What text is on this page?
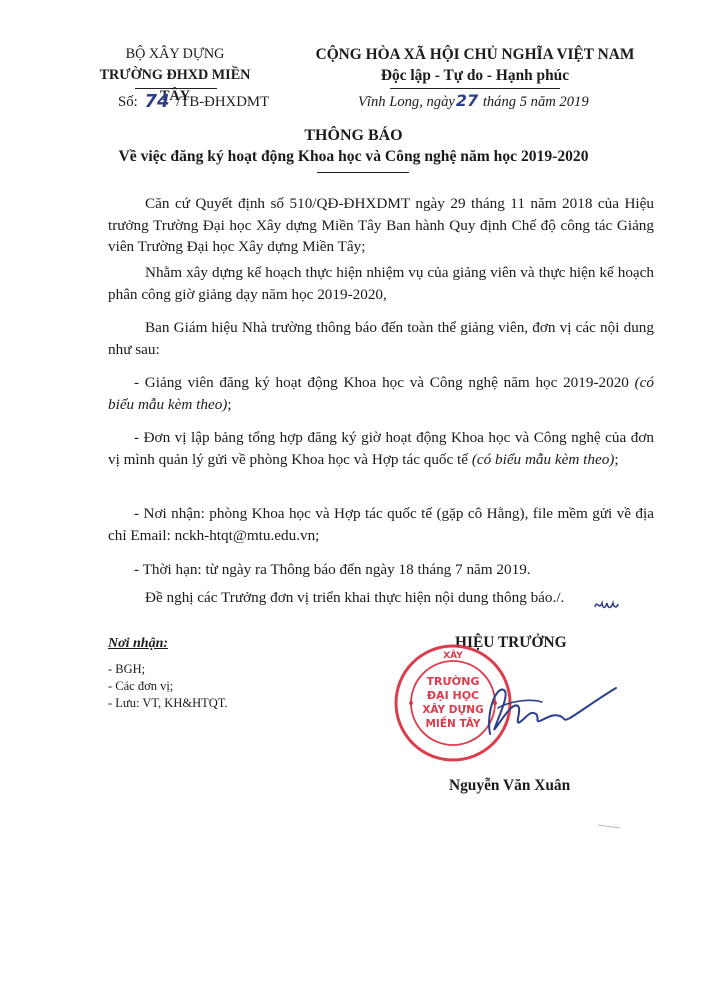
BỘ XÂY DỰNG
TRƯỜNG ĐHXD MIỀN TÂY
Số: 74 /TB-ĐHXDMT
CỘNG HÒA XÃ HỘI CHỦ NGHĨA VIỆT NAM
Độc lập - Tự do - Hạnh phúc
Vĩnh Long, ngày27 tháng 5 năm 2019
THÔNG BÁO
Về việc đăng ký hoạt động Khoa học và Công nghệ năm học 2019-2020
Căn cứ Quyết định số 510/QĐ-ĐHXDMT ngày 29 tháng 11 năm 2018 của Hiệu trưởng Trường Đại học Xây dựng Miền Tây Ban hành Quy định Chế độ công tác Giảng viên Trường Đại học Xây dựng Miền Tây;
Nhằm xây dựng kế hoạch thực hiện nhiệm vụ của giảng viên và thực hiện kế hoạch phân công giờ giảng dạy năm học 2019-2020,
Ban Giám hiệu Nhà trường thông báo đến toàn thể giảng viên, đơn vị các nội dung như sau:
- Giảng viên đăng ký hoạt động Khoa học và Công nghệ năm học 2019-2020 (có biểu mẫu kèm theo);
- Đơn vị lập bảng tổng hợp đăng ký giờ hoạt động Khoa học và Công nghệ của đơn vị mình quản lý gửi về phòng Khoa học và Hợp tác quốc tế (có biểu mẫu kèm theo);
- Nơi nhận: phòng Khoa học và Hợp tác quốc tế (gặp cô Hằng), file mềm gửi về địa chỉ Email: nckh-htqt@mtu.edu.vn;
- Thời hạn: từ ngày ra Thông báo đến ngày 18 tháng 7 năm 2019.
Đề nghị các Trưởng đơn vị triển khai thực hiện nội dung thông báo./.
Nơi nhận:
- BGH;
- Các đơn vị;
- Lưu: VT, KH&HTQT.
HIỆU TRƯỞNG
XÂY
TRƯỜNG
ĐẠI HỌC
XÂY DỰNG
MIỀN TÂY
Nguyễn Văn Xuân
